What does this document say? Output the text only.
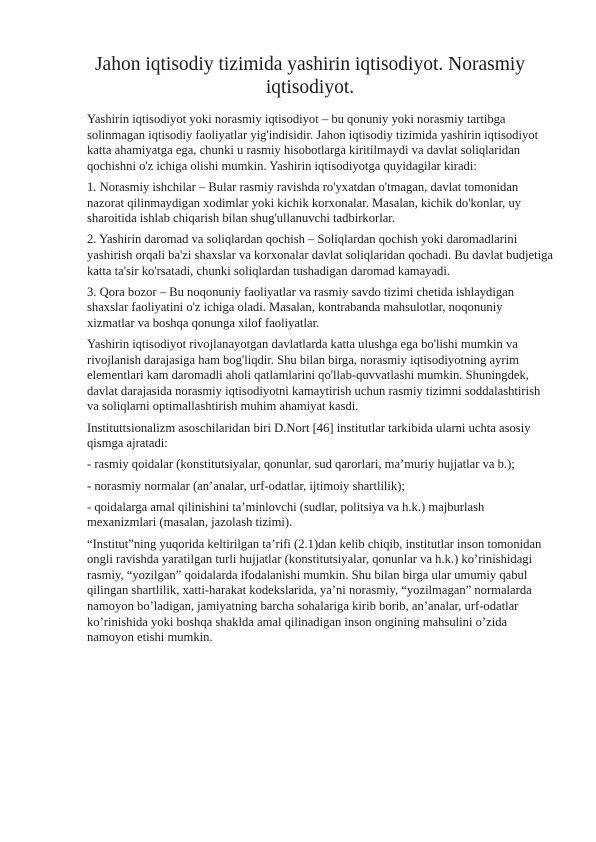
Jahon iqtisodiy tizimida yashirin iqtisodiyot. Norasmiy iqtisodiyot.

Yashirin iqtisodiyot yoki norasmiy iqtisodiyot – bu qonuniy yoki norasmiy tartibga solinmagan iqtisodiy faoliyatlar yig'indisidir. Jahon iqtisodiy tizimida yashirin iqtisodiyot katta ahamiyatga ega, chunki u rasmiy hisobotlarga kiritilmaydi va davlat soliqlaridan qochishni o'z ichiga olishi mumkin. Yashirin iqtisodiyotga quyidagilar kiradi:

1. Norasmiy ishchilar – Bular rasmiy ravishda ro'yxatdan o'tmagan, davlat tomonidan nazorat qilinmaydigan xodimlar yoki kichik korxonalar. Masalan, kichik do'konlar, uy sharoitida ishlab chiqarish bilan shug'ullanuvchi tadbirkorlar.

2. Yashirin daromad va soliqlardan qochish – Soliqlardan qochish yoki daromadlarini yashirish orqali ba'zi shaxslar va korxonalar davlat soliqlaridan qochadi. Bu davlat budjetiga katta ta'sir ko'rsatadi, chunki soliqlardan tushadigan daromad kamayadi.

3. Qora bozor – Bu noqonuniy faoliyatlar va rasmiy savdo tizimi chetida ishlaydigan shaxslar faoliyatini o'z ichiga oladi. Masalan, kontrabanda mahsulotlar, noqonuniy xizmatlar va boshqa qonunga xilof faoliyatlar.

Yashirin iqtisodiyot rivojlanayotgan davlatlarda katta ulushga ega bo'lishi mumkin va rivojlanish darajasiga ham bog'liqdir. Shu bilan birga, norasmiy iqtisodiyotning ayrim elementlari kam daromadli aholi qatlamlarini qo'llab-quvvatlashi mumkin. Shuningdek, davlat darajasida norasmiy iqtisodiyotni kamaytirish uchun rasmiy tizimni soddalashtirish va soliqlarni optimallashtirish muhim ahamiyat kasdi.

Instituttsionalizm asoschilaridan biri D.Nort [46] institutlar tarkibida ularni uchta asosiy qismga ajratadi:

- rasmiy qoidalar (konstitutsiyalar, qonunlar, sud qarorlari, ma’muriy hujjatlar va b.);

- norasmiy normalar (an’analar, urf-odatlar, ijtimoiy shartlilik);

- qoidalarga amal qilinishini ta’minlovchi (sudlar, politsiya va h.k.) majburlash mexanizmlari (masalan, jazolash tizimi).

“Institut”ning yuqorida keltirilgan ta’rifi (2.1)dan kelib chiqib, institutlar inson tomonidan ongli ravishda yaratilgan turli hujjatlar (konstitutsiyalar, qonunlar va h.k.) ko’rinishidagi rasmiy, “yozilgan” qoidalarda ifodalanishi mumkin. Shu bilan birga ular umumiy qabul qilingan shartlilik, xatti-harakat kodekslarida, ya’ni norasmiy, “yozilmagan” normalarda namoyon bo’ladigan, jamiyatning barcha sohalariga kirib borib, an’analar, urf-odatlar ko’rinishida yoki boshqa shaklda amal qilinadigan inson ongining mahsulini o’zida namoyon etishi mumkin.
